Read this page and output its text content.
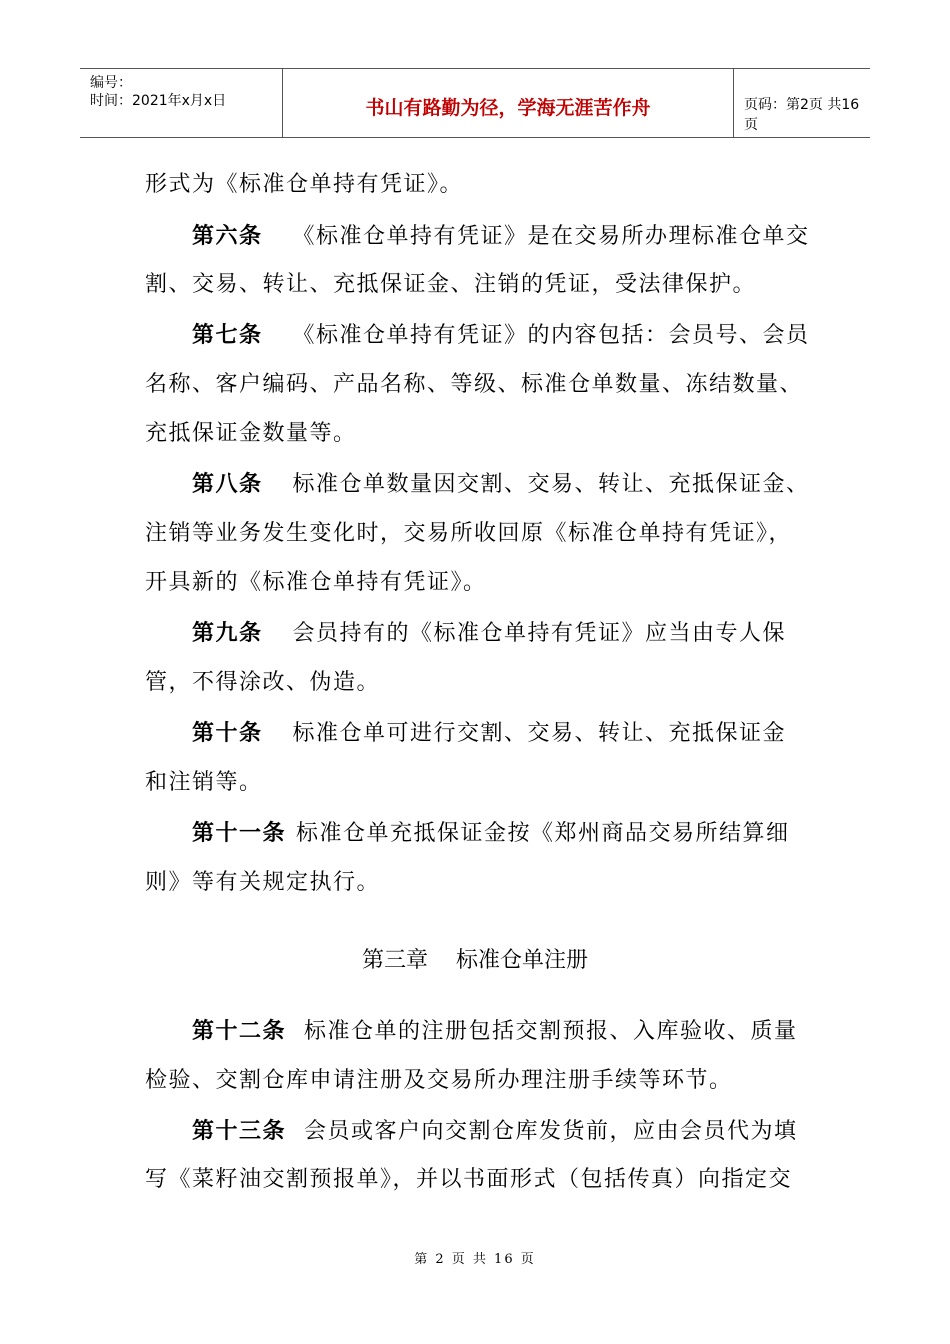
编号：
时间：2021年x月x日	书山有路勤为径，学海无涯苦作舟	页码：第2页 共16页
形式为《标准仓单持有凭证》。
第六条 《标准仓单持有凭证》是在交易所办理标准仓单交
割、交易、转让、充抵保证金、注销的凭证，受法律保护。
第七条 《标准仓单持有凭证》的内容包括：会员号、会员
名称、客户编码、产品名称、等级、标准仓单数量、冻结数量、
充抵保证金数量等。
第八条 标准仓单数量因交割、交易、转让、充抵保证金、
注销等业务发生变化时，交易所收回原《标准仓单持有凭证》，
开具新的《标准仓单持有凭证》。
第九条 会员持有的《标准仓单持有凭证》应当由专人保
管，不得涂改、伪造。
第十条 标准仓单可进行交割、交易、转让、充抵保证金
和注销等。
第十一条 标准仓单充抵保证金按《郑州商品交易所结算细
则》等有关规定执行。
第三章    标准仓单注册
第十二条 标准仓单的注册包括交割预报、入库验收、质量
检验、交割仓库申请注册及交易所办理注册手续等环节。
第十三条 会员或客户向交割仓库发货前，应由会员代为填
写《菜籽油交割预报单》，并以书面形式（包括传真）向指定交
第 2 页 共 16 页
